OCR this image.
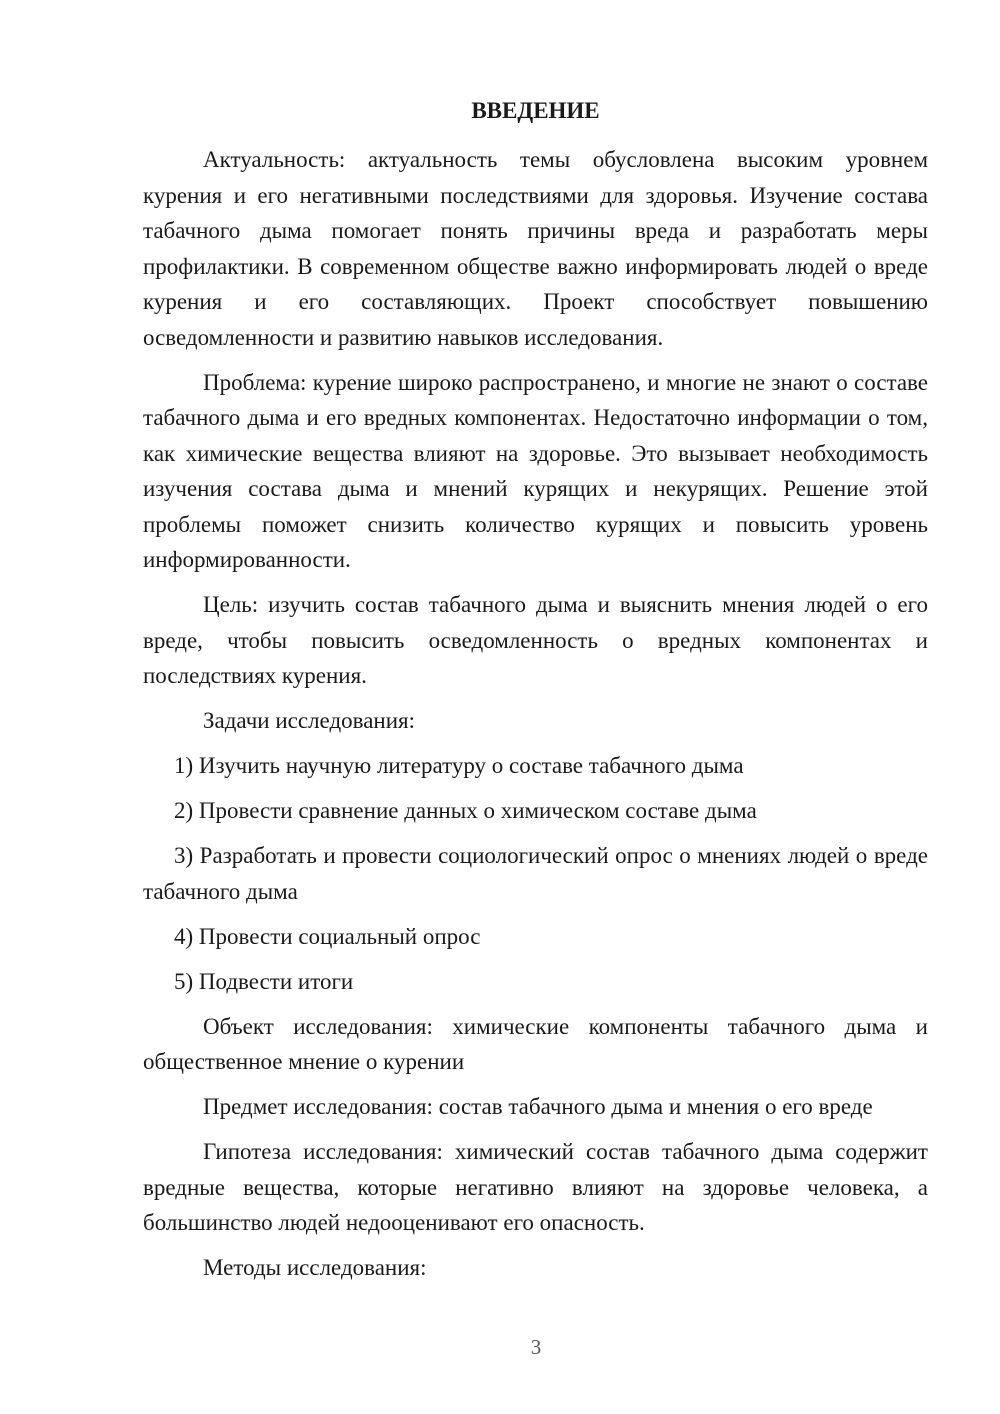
ВВЕДЕНИЕ

Актуальность: актуальность темы обусловлена высоким уровнем курения и его негативными последствиями для здоровья. Изучение состава табачного дыма помогает понять причины вреда и разработать меры профилактики. В современном обществе важно информировать людей о вреде курения и его составляющих. Проект способствует повышению осведомленности и развитию навыков исследования.

Проблема: курение широко распространено, и многие не знают о составе табачного дыма и его вредных компонентах. Недостаточно информации о том, как химические вещества влияют на здоровье. Это вызывает необходимость изучения состава дыма и мнений курящих и некурящих. Решение этой проблемы поможет снизить количество курящих и повысить уровень информированности.

Цель: изучить состав табачного дыма и выяснить мнения людей о его вреде, чтобы повысить осведомленность о вредных компонентах и последствиях курения.

Задачи исследования:

1) Изучить научную литературу о составе табачного дыма

2) Провести сравнение данных о химическом составе дыма

3) Разработать и провести социологический опрос о мнениях людей о вреде табачного дыма

4) Провести социальный опрос

5) Подвести итоги

Объект исследования: химические компоненты табачного дыма и общественное мнение о курении

Предмет исследования: состав табачного дыма и мнения о его вреде

Гипотеза исследования: химический состав табачного дыма содержит вредные вещества, которые негативно влияют на здоровье человека, а большинство людей недооценивают его опасность.

Методы исследования:

3
